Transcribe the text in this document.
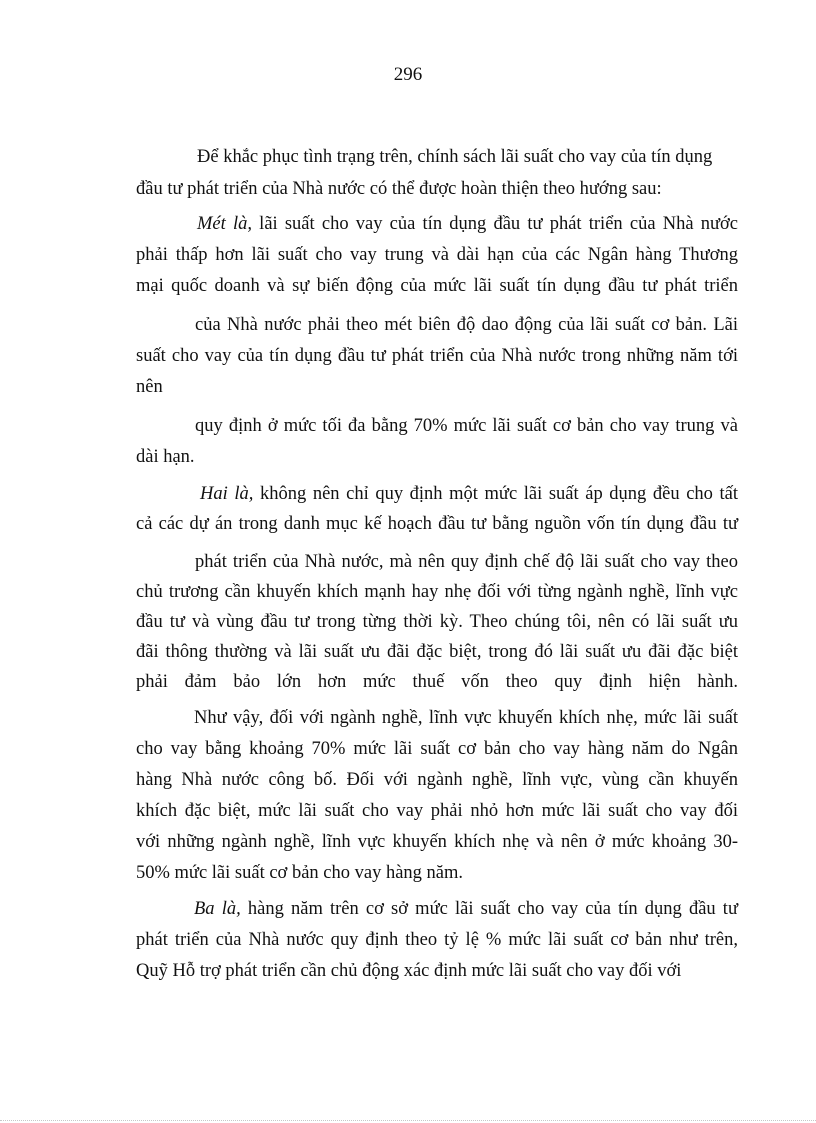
296
Để khắc phục tình trạng trên, chính sách lãi suất cho vay của tín dụng
đầu tư phát triển của Nhà nước có thể được hoàn thiện theo hướng sau:
Mét là, lãi suất cho vay của tín dụng đầu tư phát triển của Nhà nước
phải thấp hơn lãi suất cho vay trung và dài hạn của các Ngân hàng Thương
mại quốc doanh và sự biến động của mức lãi suất tín dụng đầu tư phát triển
của Nhà nước phải theo mét biên độ dao động của lãi suất cơ bản. Lãi
suất cho vay của tín dụng đầu tư phát triển của Nhà nước trong những năm tới
nên
quy định ở mức tối đa bằng 70% mức lãi suất cơ bản cho vay trung và
dài hạn.
Hai là, không nên chỉ quy định một mức lãi suất áp dụng đều cho tất
cả các dự án trong danh mục kế hoạch đầu tư bằng nguồn vốn tín dụng đầu tư
phát triển của Nhà nước, mà nên quy định chế độ lãi suất cho vay theo
chủ trương cần khuyến khích mạnh hay nhẹ đối với từng ngành nghề, lĩnh vực
đầu tư và vùng đầu tư trong từng thời kỳ. Theo chúng tôi, nên có lãi suất ưu
đãi thông thường và lãi suất ưu đãi đặc biệt, trong đó lãi suất ưu đãi đặc biệt
phải đảm bảo lớn hơn mức thuế vốn theo quy định hiện hành.
Như vậy, đối với ngành nghề, lĩnh vực khuyến khích nhẹ, mức lãi suất
cho vay bằng khoảng 70% mức lãi suất cơ bản cho vay hàng năm do Ngân
hàng Nhà nước công bố. Đối với ngành nghề, lĩnh vực, vùng cần khuyến
khích đặc biệt, mức lãi suất cho vay phải nhỏ hơn mức lãi suất cho vay đối
với những ngành nghề, lĩnh vực khuyến khích nhẹ và nên ở mức khoảng 30-
50% mức lãi suất cơ bản cho vay hàng năm.
Ba là, hàng năm trên cơ sở mức lãi suất cho vay của tín dụng đầu tư
phát triển của Nhà nước quy định theo tỷ lệ % mức lãi suất cơ bản như trên,
Quỹ Hỗ trợ phát triển cần chủ động xác định mức lãi suất cho vay đối với
